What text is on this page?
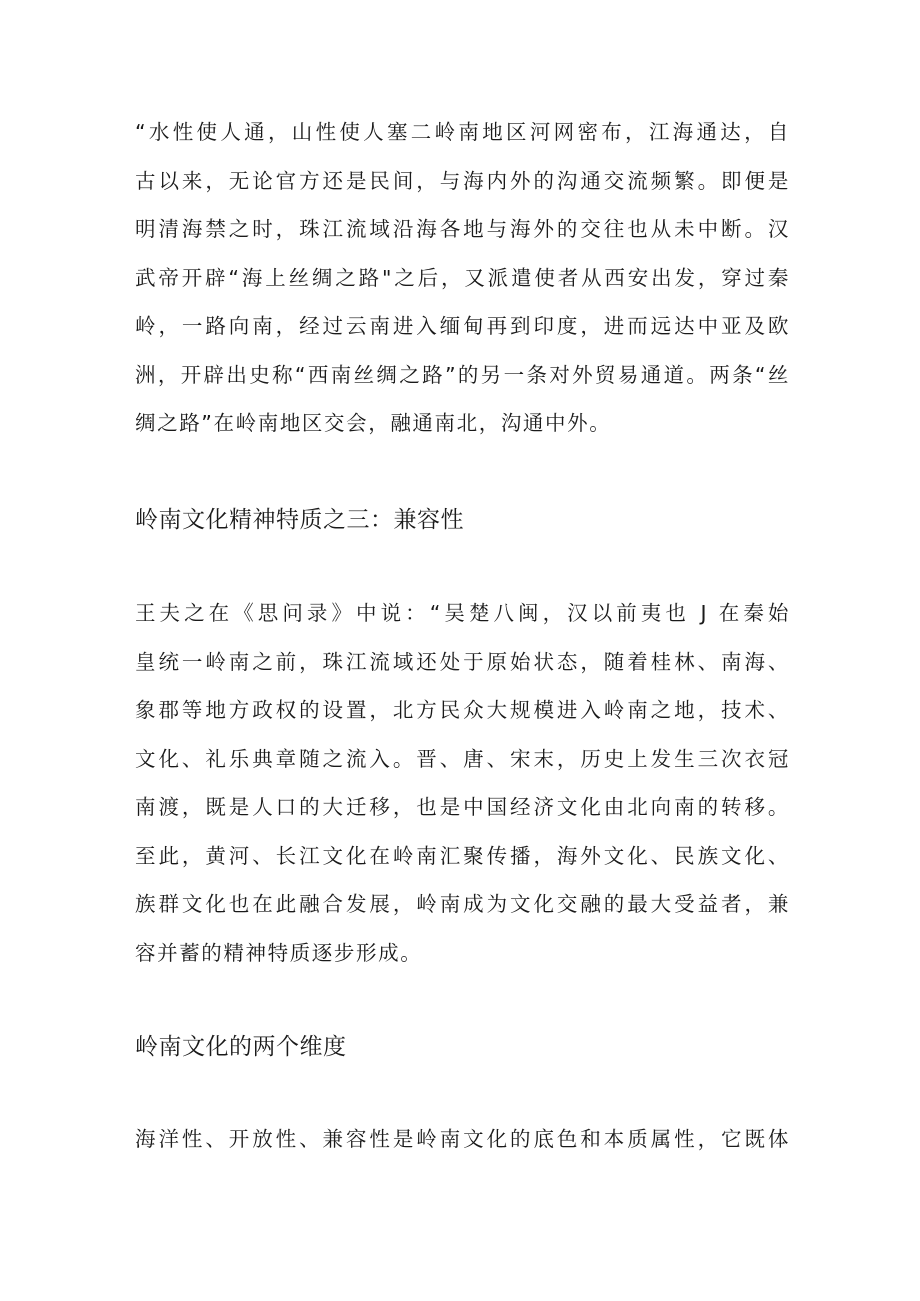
“水性使人通，山性使人塞二岭南地区河网密布，江海通达，自
古以来，无论官方还是民间，与海内外的沟通交流频繁。即便是
明清海禁之时，珠江流域沿海各地与海外的交往也从未中断。汉
武帝开辟“海上丝绸之路"之后，又派遣使者从西安出发，穿过秦
岭，一路向南，经过云南进入缅甸再到印度，进而远达中亚及欧
洲，开辟出史称“西南丝绸之路”的另一条对外贸易通道。两条“丝
绸之路”在岭南地区交会，融通南北，沟通中外。
岭南文化精神特质之三：兼容性
王夫之在《思问录》中说：“吴楚八闽，汉以前夷也 J 在秦始
皇统一岭南之前，珠江流域还处于原始状态，随着桂林、南海、
象郡等地方政权的设置，北方民众大规模进入岭南之地，技术、
文化、礼乐典章随之流入。晋、唐、宋末，历史上发生三次衣冠
南渡，既是人口的大迁移，也是中国经济文化由北向南的转移。
至此，黄河、长江文化在岭南汇聚传播，海外文化、民族文化、
族群文化也在此融合发展，岭南成为文化交融的最大受益者，兼
容并蓄的精神特质逐步形成。
岭南文化的两个维度
海洋性、开放性、兼容性是岭南文化的底色和本质属性，它既体
